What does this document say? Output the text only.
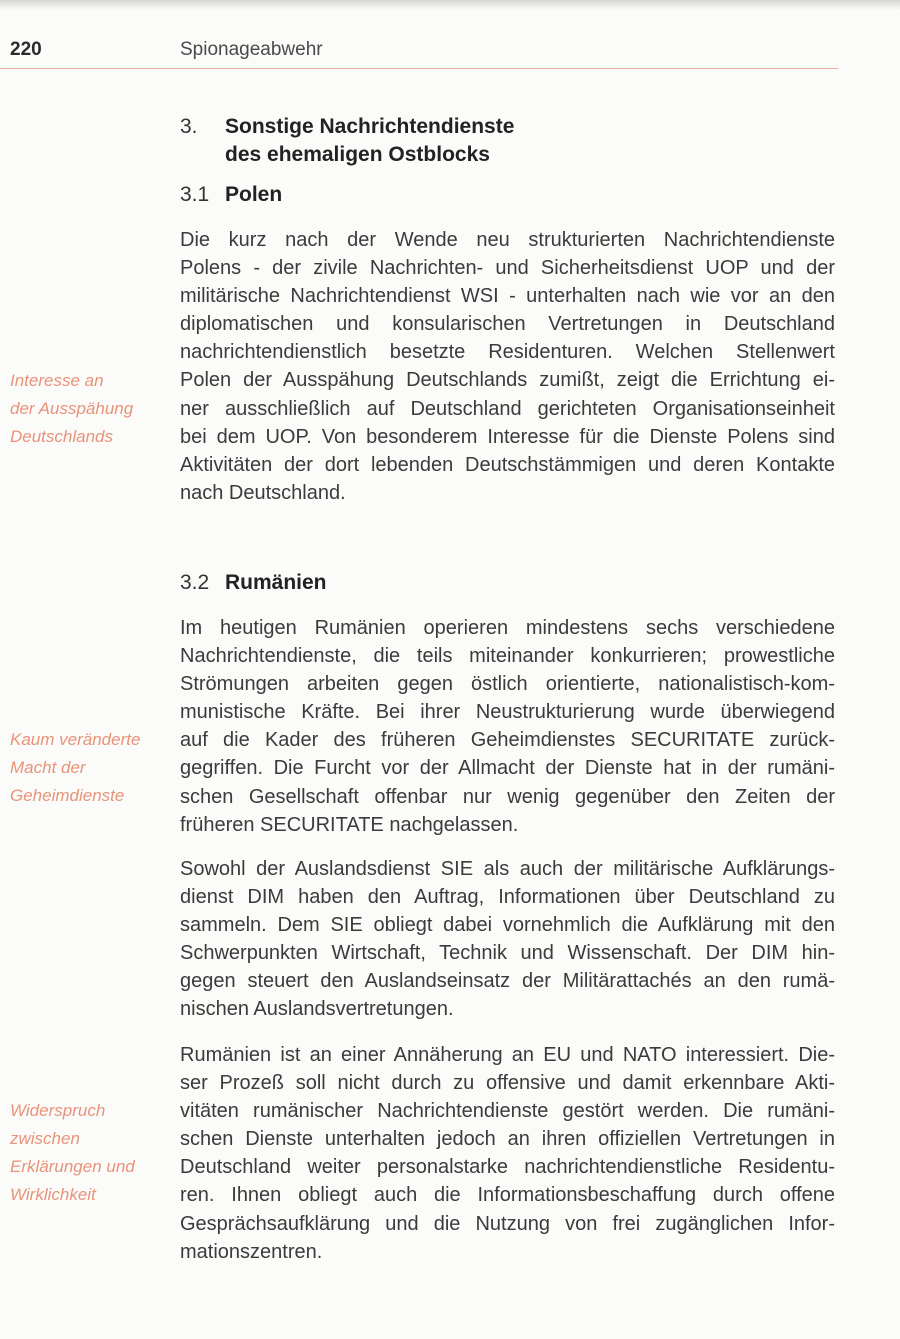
220	Spionageabwehr
3. Sonstige Nachrichtendienste
des ehemaligen Ostblocks
3.1 Polen
Die kurz nach der Wende neu strukturierten Nachrichtendienste
Polens - der zivile Nachrichten- und Sicherheitsdienst UOP und der
militärische Nachrichtendienst WSI - unterhalten nach wie vor an den
diplomatischen und konsularischen Vertretungen in Deutschland
nachrichtendienstlich besetzte Residenturen. Welchen Stellenwert
Polen der Ausspähung Deutschlands zumißt, zeigt die Errichtung ei-
ner ausschließlich auf Deutschland gerichteten Organisationseinheit
bei dem UOP. Von besonderem Interesse für die Dienste Polens sind
Aktivitäten der dort lebenden Deutschstämmigen und deren Kontakte
nach Deutschland.
Interesse an
der Ausspähung
Deutschlands
3.2 Rumänien
Im heutigen Rumänien operieren mindestens sechs verschiedene
Nachrichtendienste, die teils miteinander konkurrieren; prowestliche
Strömungen arbeiten gegen östlich orientierte, nationalistisch-kom-
munistische Kräfte. Bei ihrer Neustrukturierung wurde überwiegend
auf die Kader des früheren Geheimdienstes SECURITATE zurück-
gegriffen. Die Furcht vor der Allmacht der Dienste hat in der rumäni-
schen Gesellschaft offenbar nur wenig gegenüber den Zeiten der
früheren SECURITATE nachgelassen.
Kaum veränderte
Macht der
Geheimdienste
Sowohl der Auslandsdienst SIE als auch der militärische Aufklärungs-
dienst DIM haben den Auftrag, Informationen über Deutschland zu
sammeln. Dem SIE obliegt dabei vornehmlich die Aufklärung mit den
Schwerpunkten Wirtschaft, Technik und Wissenschaft. Der DIM hin-
gegen steuert den Auslandseinsatz der Militärattachés an den rumä-
nischen Auslandsvertretungen.
Rumänien ist an einer Annäherung an EU und NATO interessiert. Die-
ser Prozeß soll nicht durch zu offensive und damit erkennbare Akti-
vitäten rumänischer Nachrichtendienste gestört werden. Die rumäni-
schen Dienste unterhalten jedoch an ihren offiziellen Vertretungen in
Deutschland weiter personalstarke nachrichtendienstliche Residentu-
ren. Ihnen obliegt auch die Informationsbeschaffung durch offene
Gesprächsaufklärung und die Nutzung von frei zugänglichen Infor-
mationszentren.
Widerspruch
zwischen
Erklärungen und
Wirklichkeit
